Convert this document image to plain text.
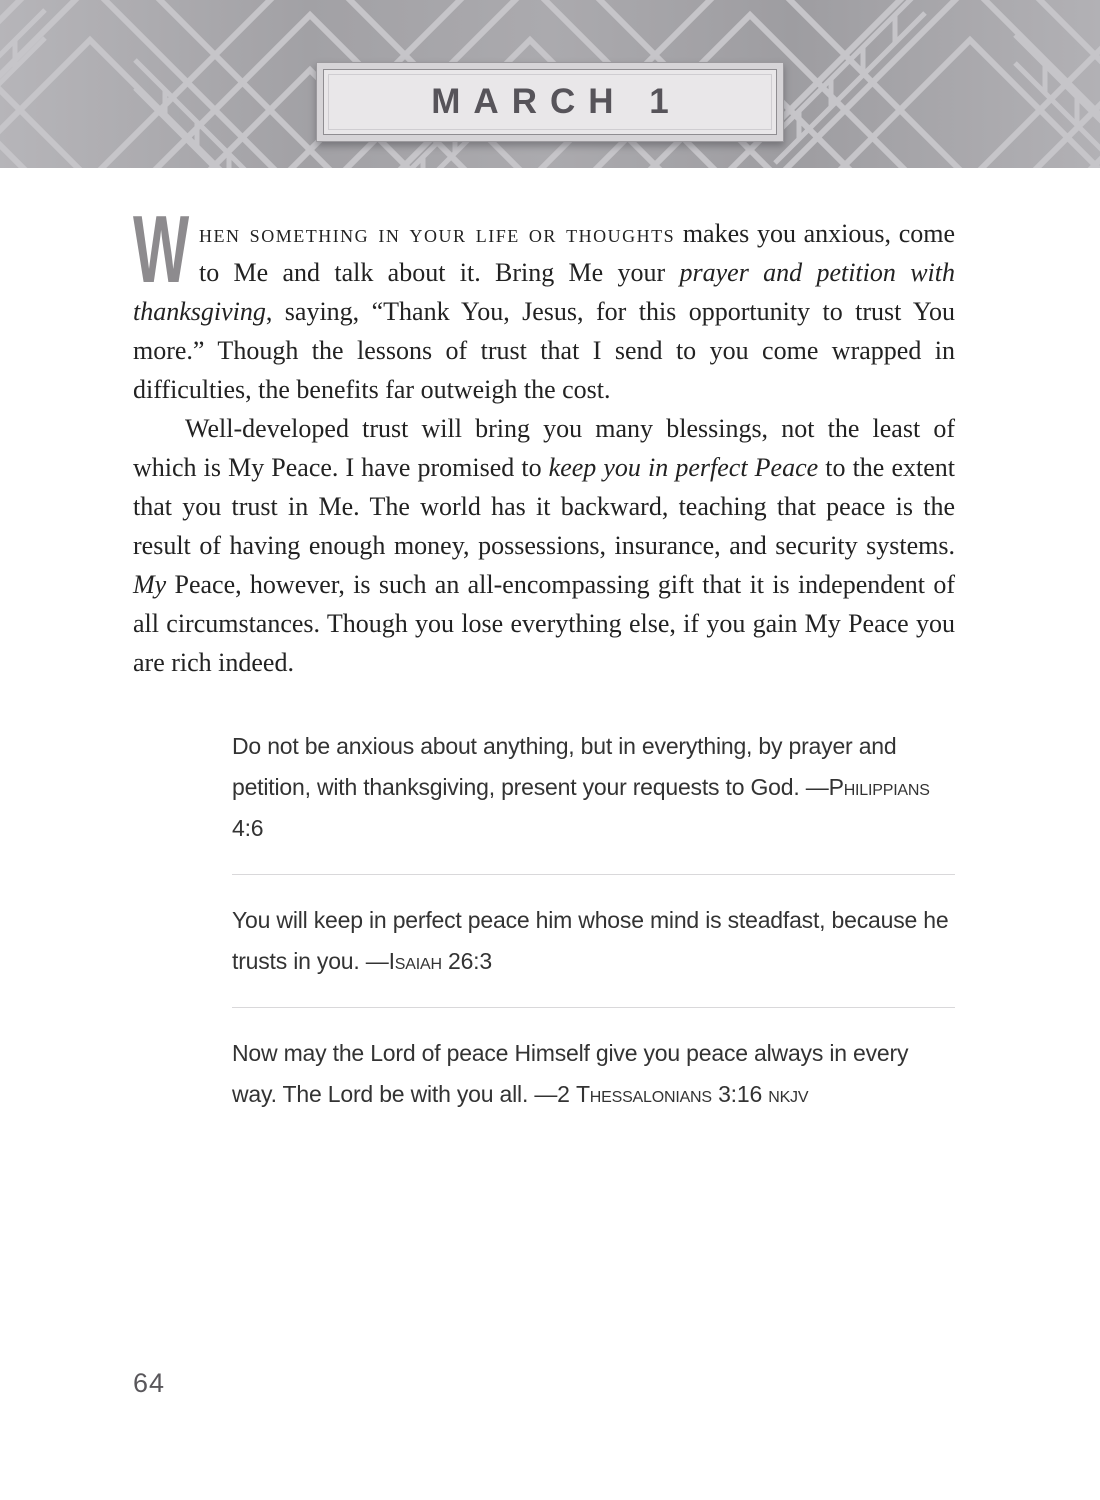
MARCH 1

When something in your life or thoughts makes you anxious, come to Me and talk about it. Bring Me your prayer and petition with thanksgiving, saying, “Thank You, Jesus, for this opportunity to trust You more.” Though the lessons of trust that I send to you come wrapped in difficulties, the benefits far outweigh the cost.

Well-developed trust will bring you many blessings, not the least of which is My Peace. I have promised to keep you in perfect Peace to the extent that you trust in Me. The world has it backward, teaching that peace is the result of having enough money, possessions, insurance, and security systems. My Peace, however, is such an all-encompassing gift that it is independent of all circumstances. Though you lose everything else, if you gain My Peace you are rich indeed.

Do not be anxious about anything, but in everything, by prayer and petition, with thanksgiving, present your requests to God. —Philippians 4:6
You will keep in perfect peace him whose mind is steadfast, because he trusts in you. —Isaiah 26:3
Now may the Lord of peace Himself give you peace always in every way. The Lord be with you all. —2 Thessalonians 3:16 nkjv
64
